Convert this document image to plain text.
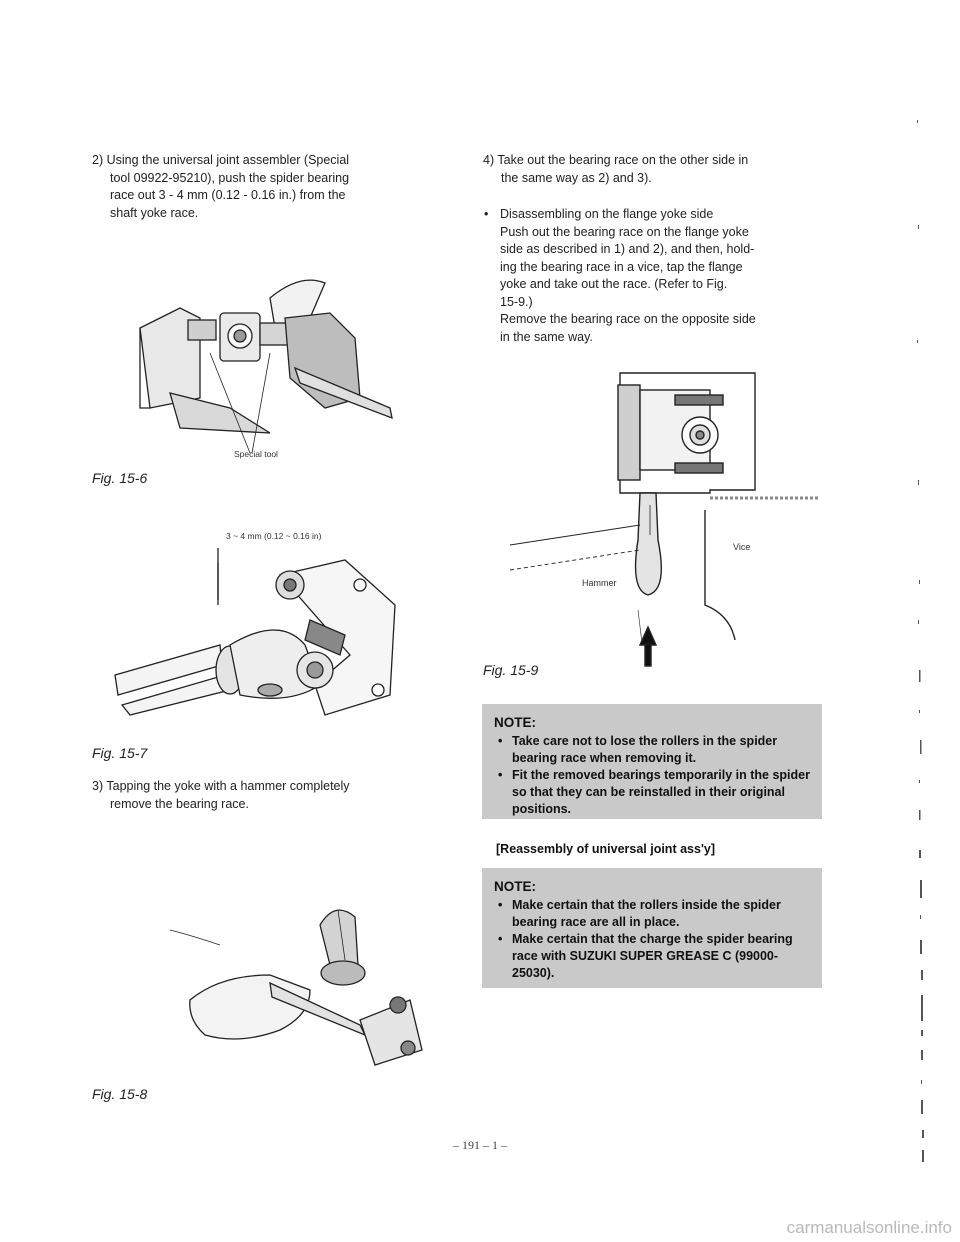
2) Using the universal joint assembler (Special
tool 09922-95210), push the spider bearing
race out 3 - 4 mm (0.12 - 0.16 in.) from the
shaft yoke race.
Special tool
Fig. 15-6
3 ~ 4 mm (0.12 ~ 0.16 in)
Fig. 15-7
3) Tapping the yoke with a hammer completely
remove the bearing race.
Fig. 15-8
4) Take out the bearing race on the other side in
the same way as 2) and 3).
• Disassembling on the flange yoke side
Push out the bearing race on the flange yoke
side as described in 1) and 2), and then, hold-
ing the bearing race in a vice, tap the flange
yoke and take out the race. (Refer to Fig.
15-9.)
Remove the bearing race on the opposite side
in the same way.
Vice
Hammer
Fig. 15-9
NOTE:
• Take care not to lose the rollers in the spider bearing race when removing it.
• Fit the removed bearings temporarily in the spider so that they can be reinstalled in their original positions.
[Reassembly of universal joint ass'y]
NOTE:
• Make certain that the rollers inside the spider bearing race are all in place.
• Make certain that the charge the spider bearing race with SUZUKI SUPER GREASE C (99000-25030).
– 191 – 1 –
carmanualsonline.info
